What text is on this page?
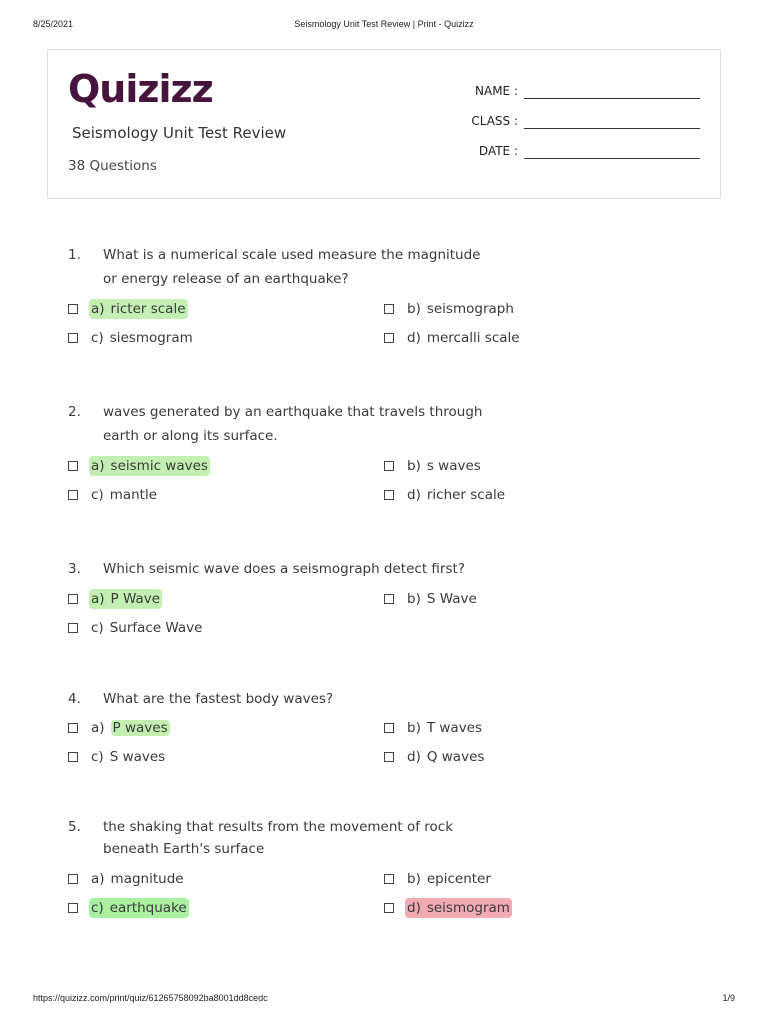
8/25/2021	Seismology Unit Test Review | Print - Quizizz
Quizizz
Seismology Unit Test Review
38 Questions
NAME :
CLASS :
DATE :
1. What is a numerical scale used measure the magnitude
or energy release of an earthquake?
a) ricter scale	b) seismograph
c) siesmogram	d) mercalli scale
2. waves generated by an earthquake that travels through
earth or along its surface.
a) seismic waves	b) s waves
c) mantle	d) richer scale
3. Which seismic wave does a seismograph detect first?
a) P Wave	b) S Wave
c) Surface Wave
4. What are the fastest body waves?
a) P waves	b) T waves
c) S waves	d) Q waves
5. the shaking that results from the movement of rock
beneath Earth's surface
a) magnitude	b) epicenter
c) earthquake	d) seismogram
https://quizizz.com/print/quiz/61265758092ba8001dd8cedc	1/9
